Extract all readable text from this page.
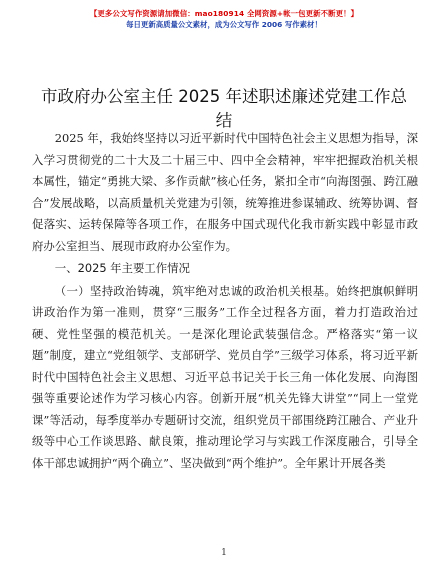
【更多公文写作资源请加微信：mao180914 全网资源+帐一包更新不断更！】
每日更新高质量公文素材，成为公文写作 2006 写作素材！
市政府办公室主任 2025 年述职述廉述党建工作总结

2025 年，我始终坚持以习近平新时代中国特色社会主义思想为指导，深入学习贯彻党的二十大及二十届三中、四中全会精神，牢牢把握政治机关根本属性，锚定“勇挑大梁、多作贡献”核心任务，紧扣全市“向海图强、跨江融合”发展战略，以高质量机关党建为引领，统筹推进参谋辅政、统筹协调、督促落实、运转保障等各项工作，在服务中国式现代化我市新实践中彰显市政府办公室担当、展现市政府办公室作为。

一、2025 年主要工作情况

（一）坚持政治铸魂，筑牢绝对忠诚的政治机关根基。始终把旗帜鲜明讲政治作为第一准则，贯穿“三服务”工作全过程各方面，着力打造政治过硬、党性坚强的模范机关。一是深化理论武装强信念。严格落实“第一议题”制度，建立“党组领学、支部研学、党员自学”三级学习体系，将习近平新时代中国特色社会主义思想、习近平总书记关于长三角一体化发展、向海图强等重要论述作为学习核心内容。创新开展“机关先锋大讲堂”“同上一堂党课”等活动，每季度举办专题研讨交流，组织党员干部围绕跨江融合、产业升级等中心工作谈思路、献良策，推动理论学习与实践工作深度融合，引导全体干部忠诚拥护“两个确立”、坚决做到“两个维护”。全年累计开展各类

1
